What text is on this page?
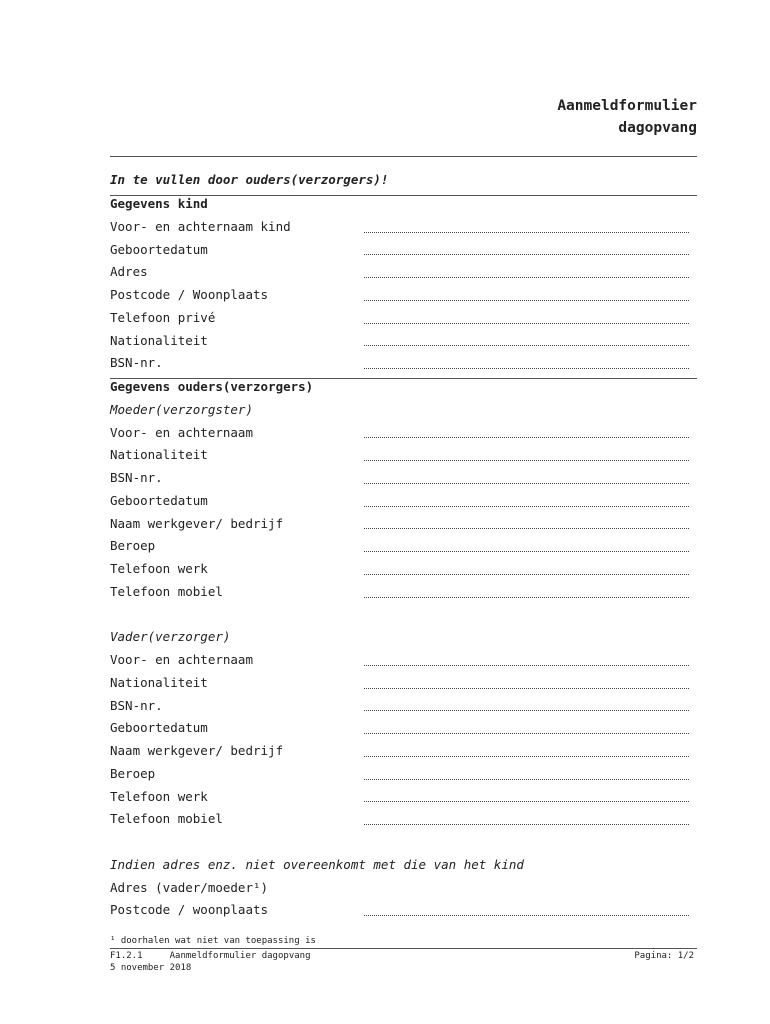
Aanmeldformulier
dagopvang
In te vullen door ouders(verzorgers)!
Gegevens kind
Voor- en achternaam kind
Geboortedatum
Adres
Postcode / Woonplaats
Telefoon privé
Nationaliteit
BSN-nr.
Gegevens ouders(verzorgers)
Moeder(verzorgster)
Voor- en achternaam
Nationaliteit
BSN-nr.
Geboortedatum
Naam werkgever/ bedrijf
Beroep
Telefoon werk
Telefoon mobiel
Vader(verzorger)
Voor- en achternaam
Nationaliteit
BSN-nr.
Geboortedatum
Naam werkgever/ bedrijf
Beroep
Telefoon werk
Telefoon mobiel
Indien adres enz. niet overeenkomt met die van het kind
Adres (vader/moeder¹)
Postcode / woonplaats
¹ doorhalen wat niet van toepassing is
F1.2.1	Aanmeldformulier dagopvang
5 november 2018
Pagina: 1/2
